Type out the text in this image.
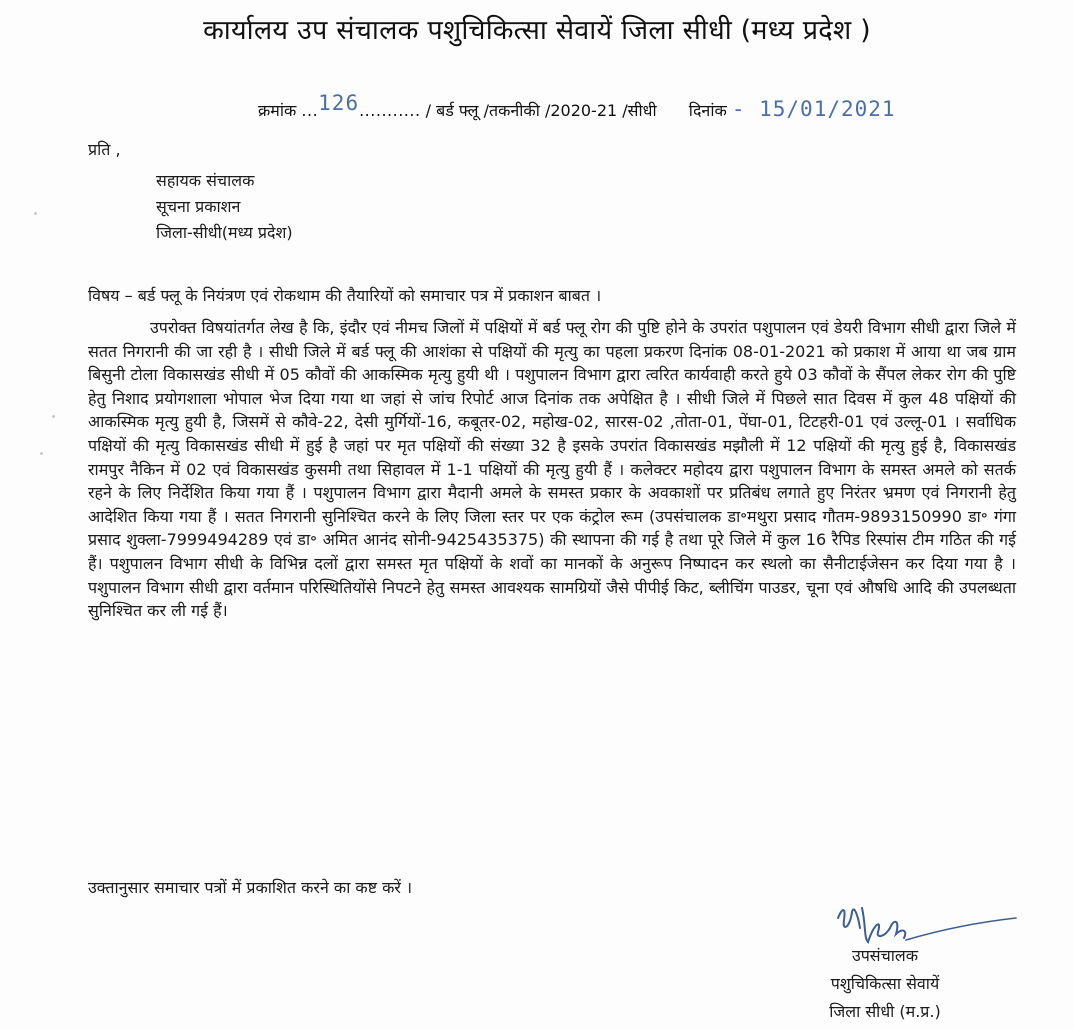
कार्यालय उप संचालक पशुचिकित्सा सेवायें जिला सीधी (मध्य प्रदेश )
क्रमांक ...126........... / बर्ड फ्लू /तकनीकी /2020-21 /सीधी दिनांक - 15/01/2021
प्रति ,
सहायक संचालक
सूचना प्रकाशन
जिला-सीधी(मध्य प्रदेश)
विषय – बर्ड फ्लू के नियंत्रण एवं रोकथाम की तैयारियों को समाचार पत्र में प्रकाशन बाबत ।
उपरोक्त विषयांतर्गत लेख है कि, इंदौर एवं नीमच जिलों में पक्षियों में बर्ड फ्लू रोग की पुष्टि होने के उपरांत पशुपालन एवं डेयरी विभाग सीधी द्वारा जिले में सतत निगरानी की जा रही है । सीधी जिले में बर्ड फ्लू की आशंका से पक्षियों की मृत्यु का पहला प्रकरण दिनांक 08-01-2021 को प्रकाश में आया था जब ग्राम बिसुनी टोला विकासखंड सीधी में 05 कौवों की आकस्मिक मृत्यु हुयी थी । पशुपालन विभाग द्वारा त्वरित कार्यवाही करते हुये 03 कौवों के सैंपल लेकर रोग की पुष्टि हेतु निशाद प्रयोगशाला भोपाल भेज दिया गया था जहां से जांच रिपोर्ट आज दिनांक तक अपेक्षित है । सीधी जिले में पिछले सात दिवस में कुल 48 पक्षियों की आकस्मिक मृत्यु हुयी है, जिसमें से कौवे-22, देसी मुर्गियों-16, कबूतर-02, महोख-02, सारस-02 ,तोता-01, पेंघा-01, टिटहरी-01 एवं उल्लू-01 । सर्वाधिक पक्षियों की मृत्यु विकासखंड सीधी में हुई है जहां पर मृत पक्षियों की संख्या 32 है इसके उपरांत विकासखंड मझौली में 12 पक्षियों की मृत्यु हुई है, विकासखंड रामपुर नैकिन में 02 एवं विकासखंड कुसमी तथा सिहावल में 1-1 पक्षियों की मृत्यु हुयी हैं । कलेक्टर महोदय द्वारा पशुपालन विभाग के समस्त अमले को सतर्क रहने के लिए निर्देशित किया गया हैं । पशुपालन विभाग द्वारा मैदानी अमले के समस्त प्रकार के अवकाशों पर प्रतिबंध लगाते हुए निरंतर भ्रमण एवं निगरानी हेतु आदेशित किया गया हैं । सतत निगरानी सुनिश्चित करने के लिए जिला स्तर पर एक कंट्रोल रूम (उपसंचालक डा॰मथुरा प्रसाद गौतम-9893150990 डा॰ गंगा प्रसाद शुक्ला-7999494289 एवं डा॰ अमित आनंद सोनी-9425435375) की स्थापना की गई है तथा पूरे जिले में कुल 16 रैपिड रिस्पांस टीम गठित की गई हैं। पशुपालन विभाग सीधी के विभिन्न दलों द्वारा समस्त मृत पक्षियों के शवों का मानकों के अनुरूप निष्पादन कर स्थलो का सैनीटाईजेसन कर दिया गया है । पशुपालन विभाग सीधी द्वारा वर्तमान परिस्थितियोंसे निपटने हेतु समस्त आवश्यक सामग्रियों जैसे पीपीई किट, ब्लीचिंग पाउडर, चूना एवं औषधि आदि की उपलब्धता सुनिश्चित कर ली गई हैं।
उक्तानुसार समाचार पत्रों में प्रकाशित करने का कष्ट करें ।
उपसंचालक
पशुचिकित्सा सेवायें
जिला सीधी (म.प्र.)
